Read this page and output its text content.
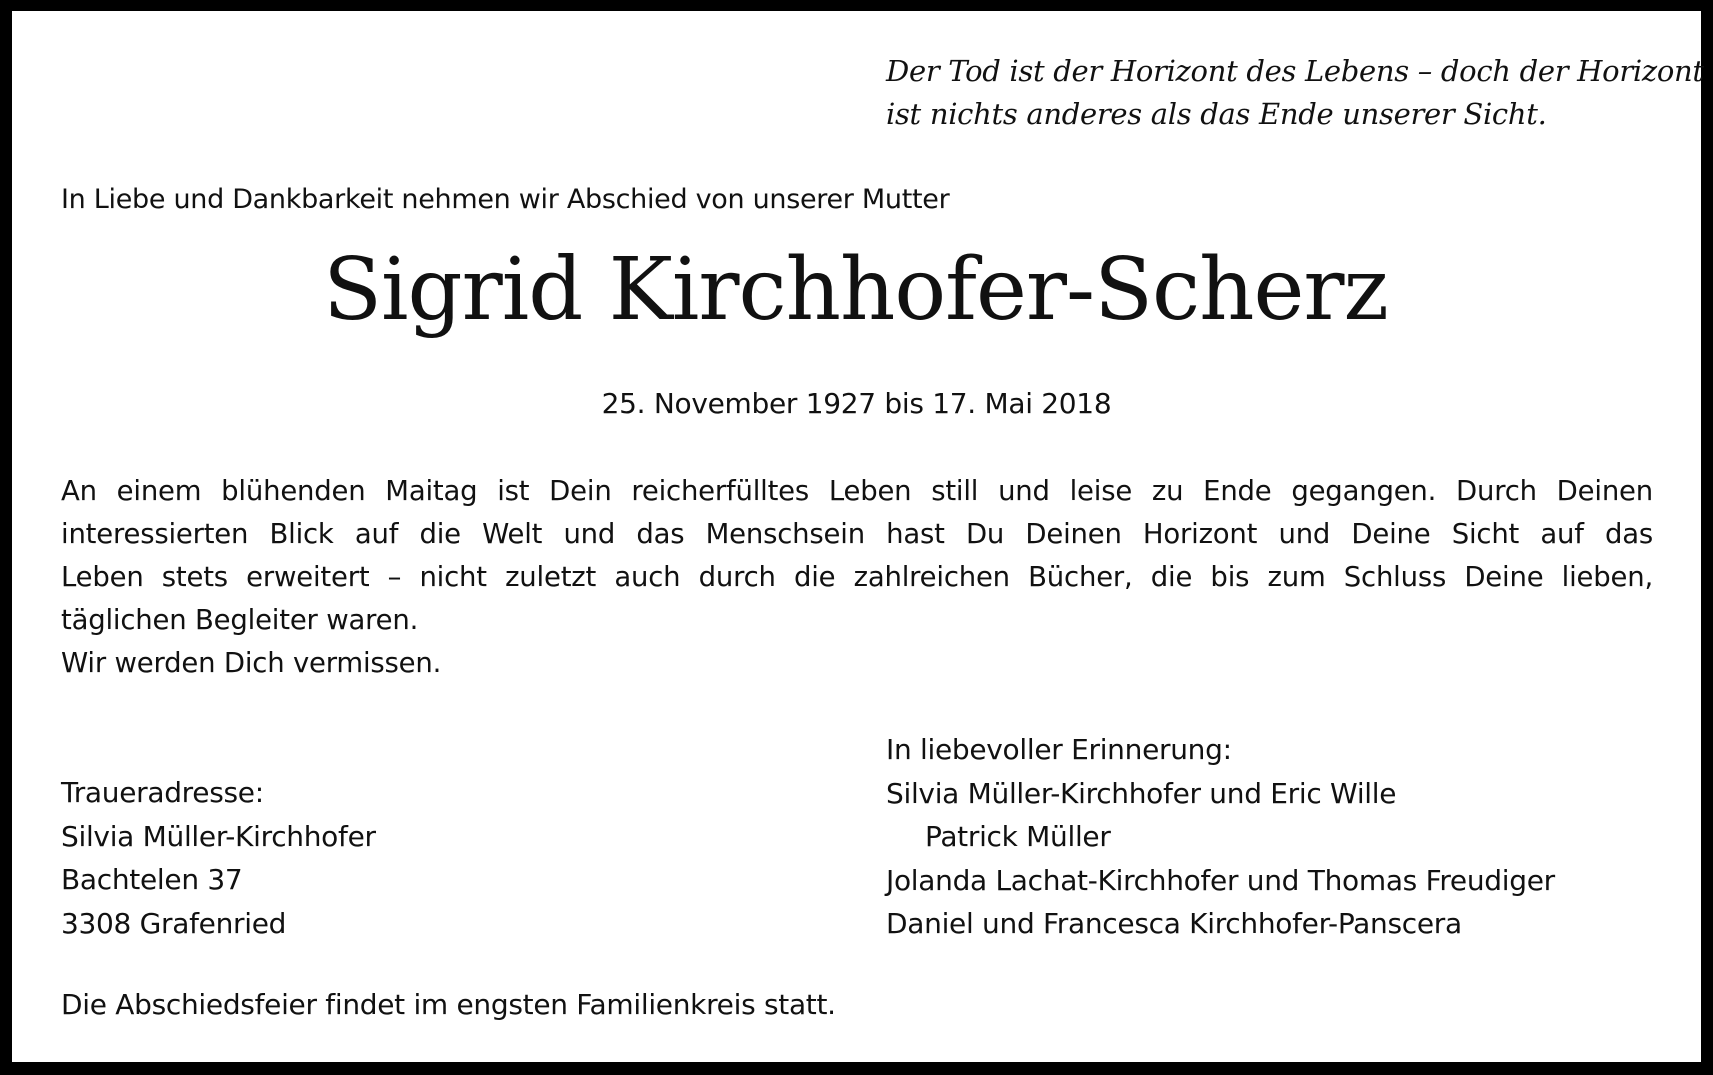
Der Tod ist der Horizont des Lebens – doch der Horizont
ist nichts anderes als das Ende unserer Sicht.
In Liebe und Dankbarkeit nehmen wir Abschied von unserer Mutter
Sigrid Kirchhofer-Scherz
25. November 1927 bis 17. Mai 2018
An einem blühenden Maitag ist Dein reicherfülltes Leben still und leise zu Ende gegangen. Durch Deinen
interessierten Blick auf die Welt und das Menschsein hast Du Deinen Horizont und Deine Sicht auf das
Leben stets erweitert – nicht zuletzt auch durch die zahlreichen Bücher, die bis zum Schluss Deine lieben,
täglichen Begleiter waren.
Wir werden Dich vermissen.
Traueradresse:
Silvia Müller-Kirchhofer
Bachtelen 37
3308 Grafenried
In liebevoller Erinnerung:
Silvia Müller-Kirchhofer und Eric Wille
Patrick Müller
Jolanda Lachat-Kirchhofer und Thomas Freudiger
Daniel und Francesca Kirchhofer-Panscera
Die Abschiedsfeier findet im engsten Familienkreis statt.
